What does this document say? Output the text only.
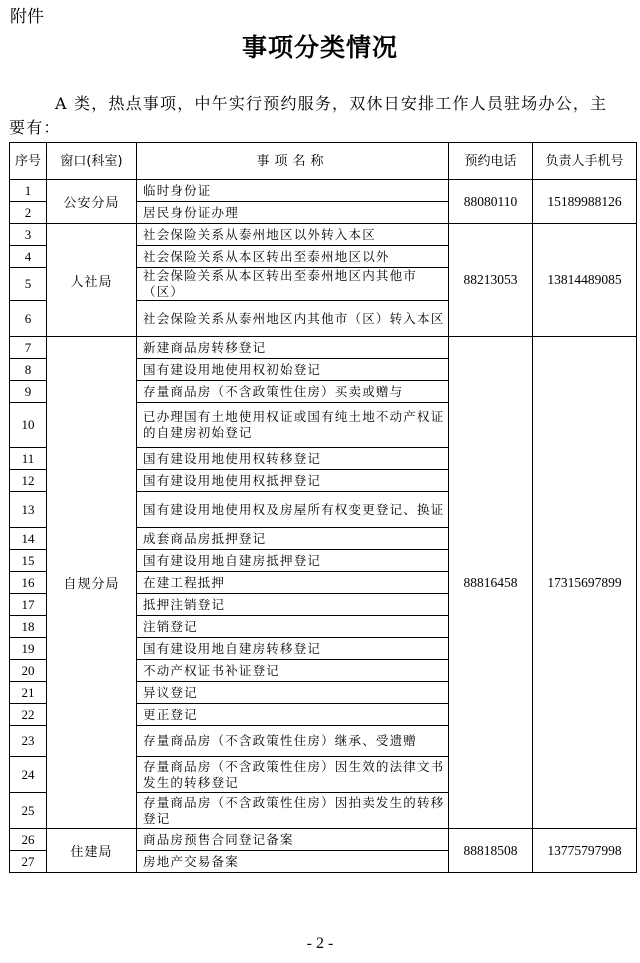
附件
事项分类情况
A 类，热点事项，中午实行预约服务，双休日安排工作人员驻场办公，主要有：
序号	窗口(科室)	事项名称	预约电话	负责人手机号
1	公安分局	临时身份证	88080110	15189988126
2		居民身份证办理		
3	人社局	社会保险关系从泰州地区以外转入本区	88213053	13814489085
4		社会保险关系从本区转出至泰州地区以外		
5		社会保险关系从本区转出至泰州地区内其他市（区）		
6		社会保险关系从泰州地区内其他市（区）转入本区		
7	自规分局	新建商品房转移登记	88816458	17315697899
8		国有建设用地使用权初始登记		
9		存量商品房（不含政策性住房）买卖或赠与		
10		已办理国有土地使用权证或国有纯土地不动产权证的自建房初始登记		
11		国有建设用地使用权转移登记		
12		国有建设用地使用权抵押登记		
13		国有建设用地使用权及房屋所有权变更登记、换证		
14		成套商品房抵押登记		
15		国有建设用地自建房抵押登记		
16		在建工程抵押		
17		抵押注销登记		
18		注销登记		
19		国有建设用地自建房转移登记		
20		不动产权证书补证登记		
21		异议登记		
22		更正登记		
23		存量商品房（不含政策性住房）继承、受遗赠		
24		存量商品房（不含政策性住房）因生效的法律文书发生的转移登记		
25		存量商品房（不含政策性住房）因拍卖发生的转移登记		
26	住建局	商品房预售合同登记备案	88818508	13775797998
27		房地产交易备案		
- 2 -
